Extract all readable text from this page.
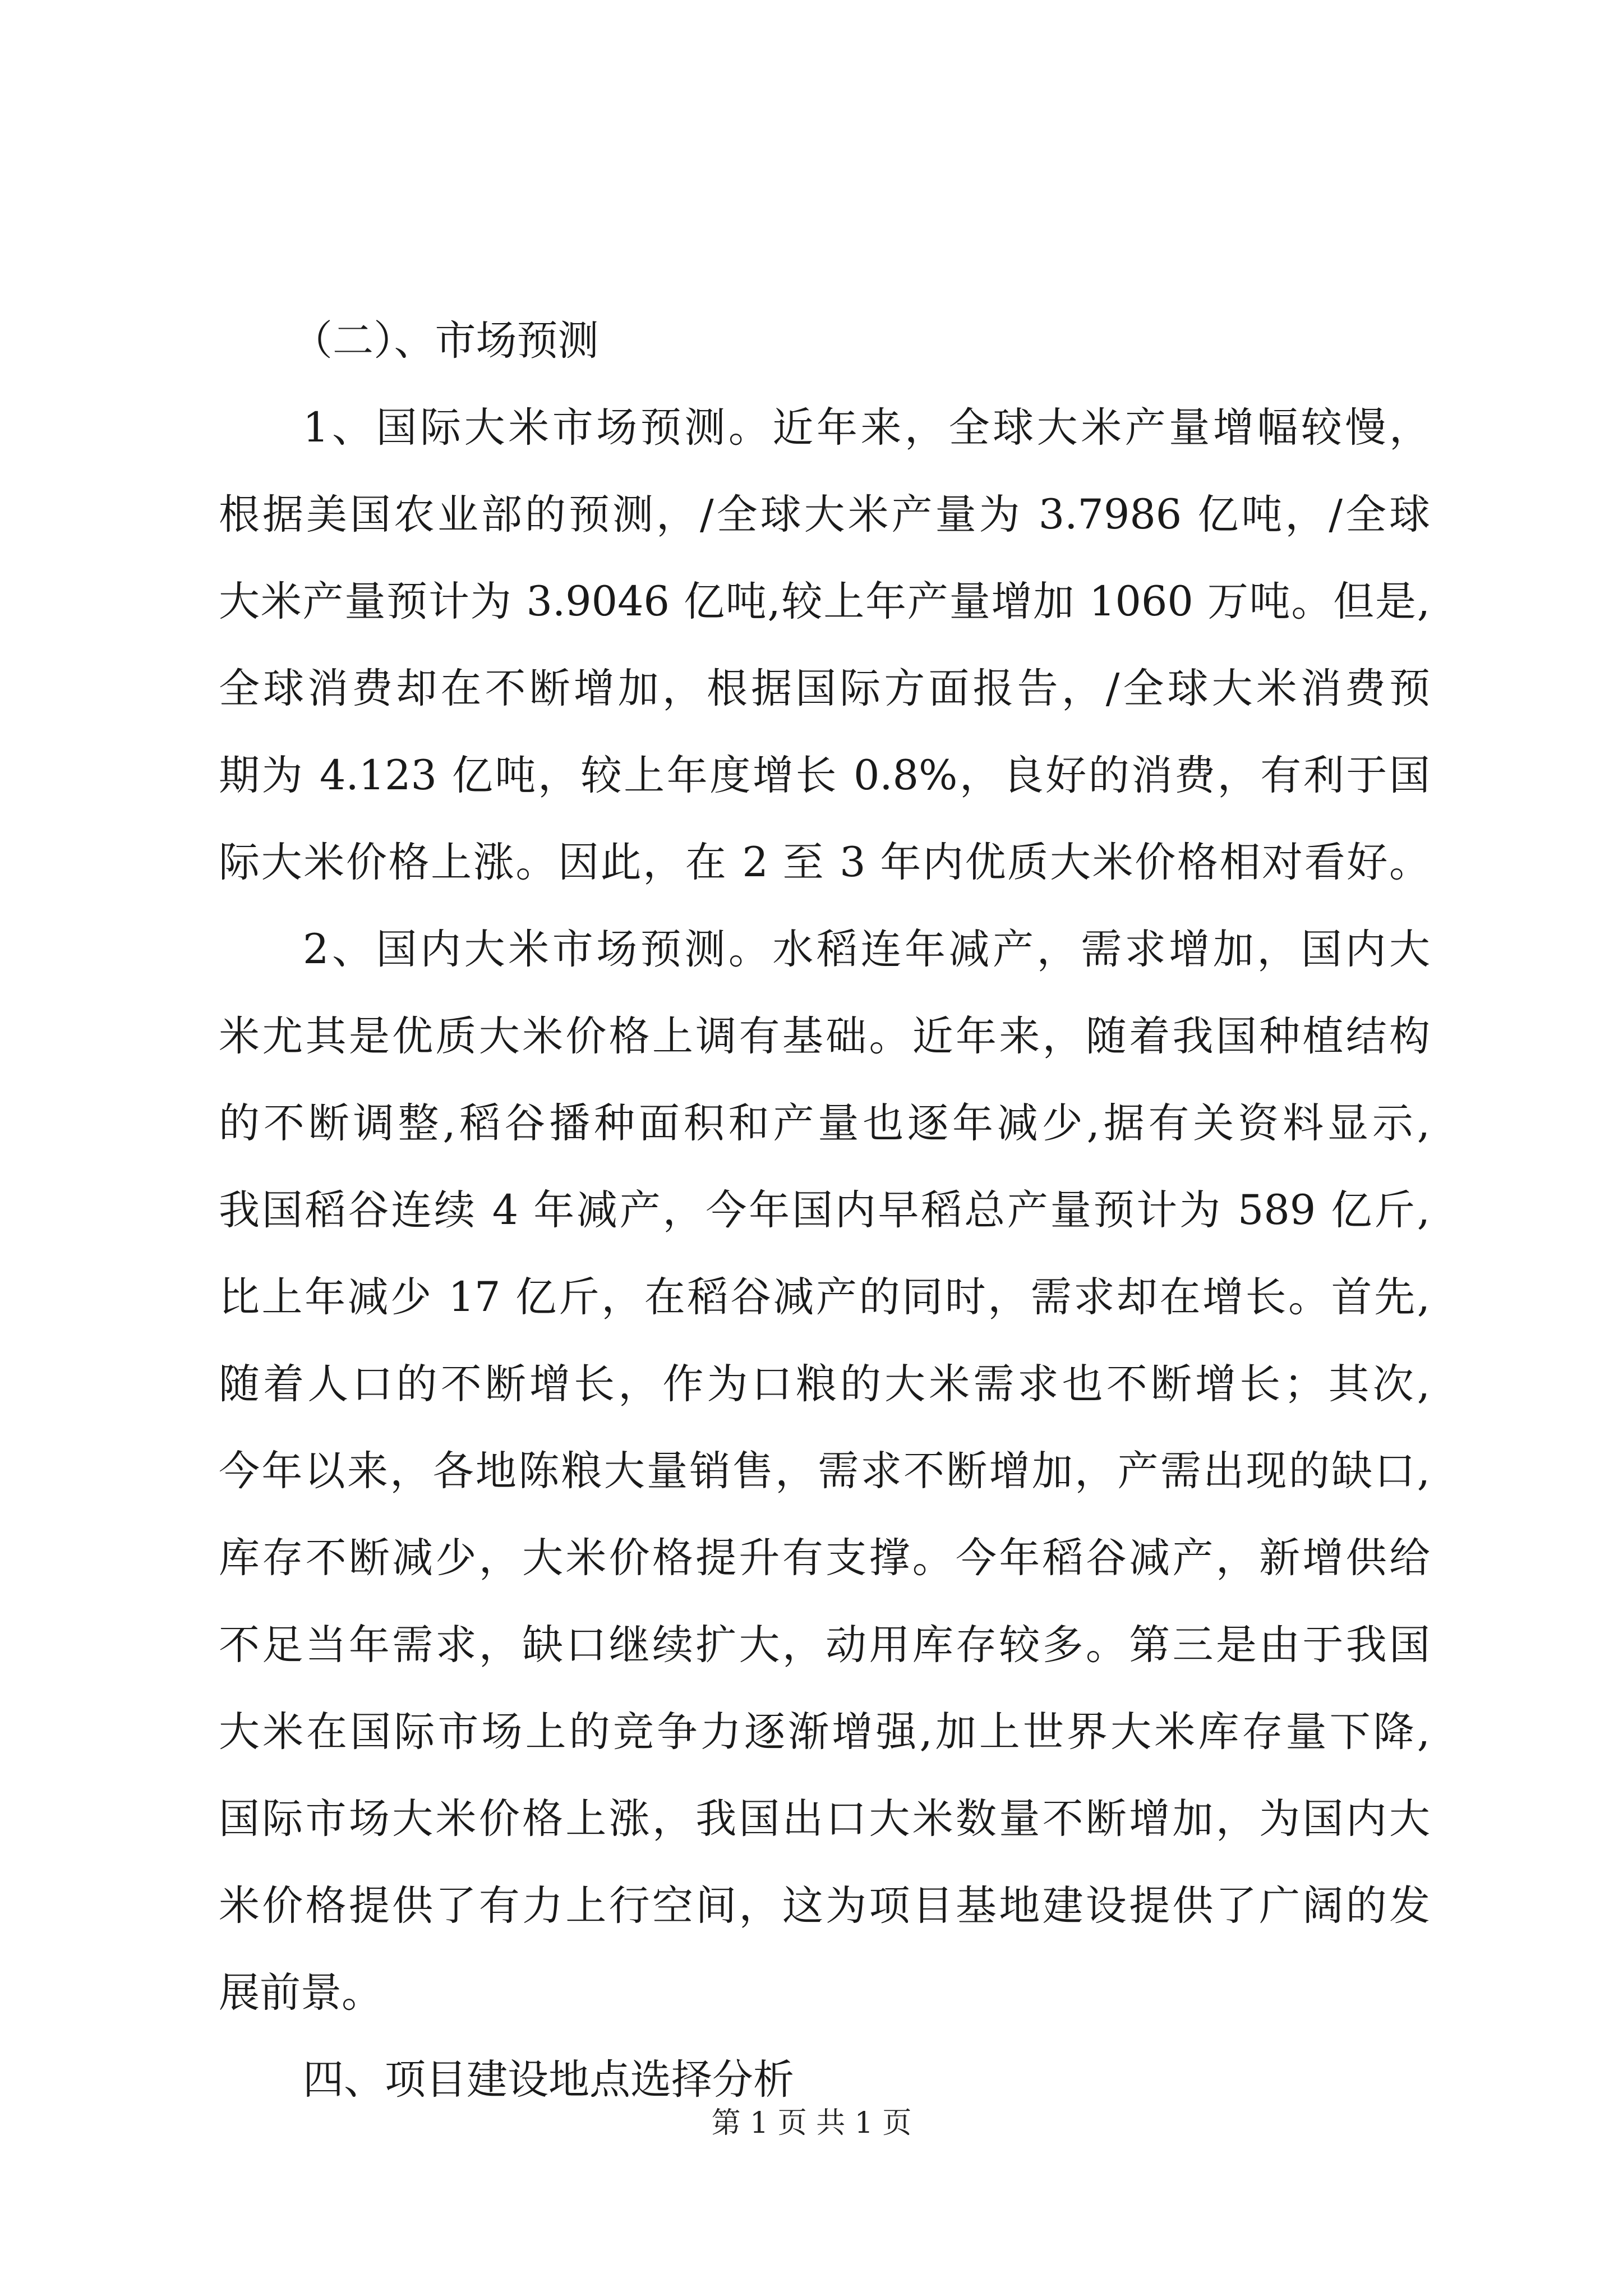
（二）、市场预测
1、国际大米市场预测。近年来，全球大米产量增幅较慢，
根据美国农业部的预测，/全球大米产量为 3.7986 亿吨，/全球
大米产量预计为 3.9046 亿吨,较上年产量增加 1060 万吨。但是,
全球消费却在不断增加，根据国际方面报告，/全球大米消费预
期为 4.123 亿吨，较上年度增长 0.8%，良好的消费，有利于国
际大米价格上涨。因此，在 2 至 3 年内优质大米价格相对看好。
2、国内大米市场预测。水稻连年减产，需求增加，国内大
米尤其是优质大米价格上调有基础。近年来，随着我国种植结构
的不断调整,稻谷播种面积和产量也逐年减少,据有关资料显示,
我国稻谷连续 4 年减产，今年国内早稻总产量预计为 589 亿斤,
比上年减少 17 亿斤，在稻谷减产的同时，需求却在增长。首先,
随着人口的不断增长，作为口粮的大米需求也不断增长；其次,
今年以来，各地陈粮大量销售，需求不断增加，产需出现的缺口,
库存不断减少，大米价格提升有支撑。今年稻谷减产，新增供给
不足当年需求，缺口继续扩大，动用库存较多。第三是由于我国
大米在国际市场上的竞争力逐渐增强,加上世界大米库存量下降,
国际市场大米价格上涨，我国出口大米数量不断增加，为国内大
米价格提供了有力上行空间，这为项目基地建设提供了广阔的发
展前景。
四、项目建设地点选择分析
第 1 页 共 1 页
